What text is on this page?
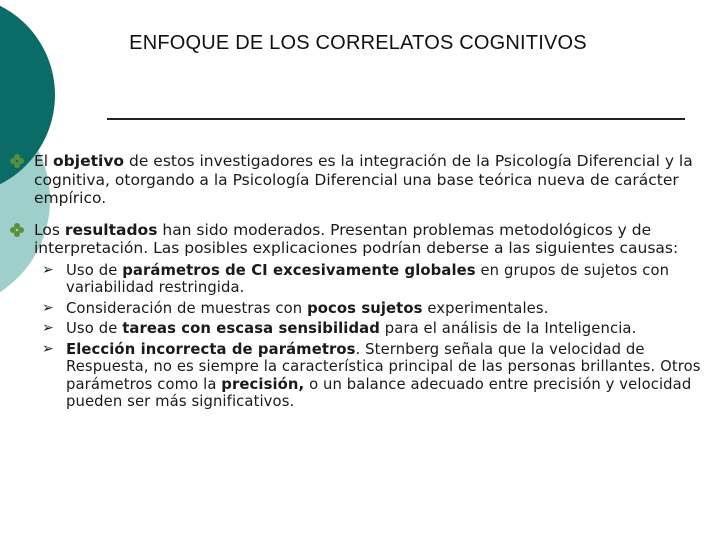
ENFOQUE DE LOS CORRELATOS COGNITIVOS
El objetivo de estos investigadores es la integración de la Psicología Diferencial y la cognitiva, otorgando a la Psicología Diferencial una base teórica nueva de carácter empírico.
Los resultados han sido moderados. Presentan problemas metodológicos y de interpretación. Las posibles explicaciones podrían deberse a las siguientes causas:
➢ Uso de parámetros de CI excesivamente globales en grupos de sujetos con variabilidad restringida.
➢ Consideración de muestras con pocos sujetos experimentales.
➢ Uso de tareas con escasa sensibilidad para el análisis de la Inteligencia.
➢ Elección incorrecta de parámetros. Sternberg señala que la velocidad de Respuesta, no es siempre la característica principal de las personas brillantes. Otros parámetros como la precisión, o un balance adecuado entre precisión y velocidad pueden ser más significativos.
